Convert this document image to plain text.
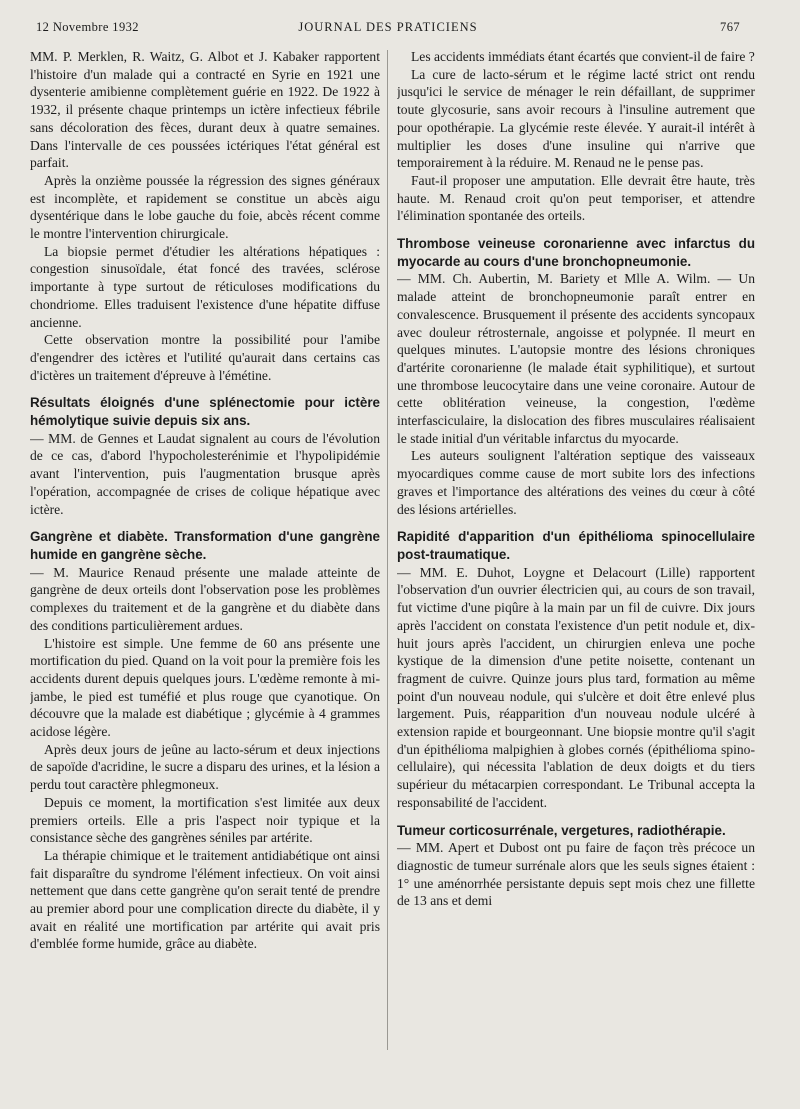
12 Novembre 1932	JOURNAL DES PRATICIENS	767

MM. P. Merklen, R. Waitz, G. Albot et J. Kabaker rapportent l'histoire d'un malade qui a contracté en Syrie en 1921 une dysenterie amibienne complètement guérie en 1922. De 1922 à 1932, il présente chaque printemps un ictère infectieux fébrile sans décoloration des fèces, durant deux à quatre semaines. Dans l'intervalle de ces poussées ictériques l'état général est parfait.

Après la onzième poussée la régression des signes généraux est incomplète, et rapidement se constitue un abcès aigu dysentérique dans le lobe gauche du foie, abcès récent comme le montre l'intervention chirurgicale.

La biopsie permet d'étudier les altérations hépatiques : congestion sinusoïdale, état foncé des travées, sclérose importante à type surtout de réticuloses modifications du chondriome. Elles traduisent l'existence d'une hépatite diffuse ancienne.

Cette observation montre la possibilité pour l'amibe d'engendrer des ictères et l'utilité qu'aurait dans certains cas d'ictères un traitement d'épreuve à l'émétine.

Résultats éloignés d'une splénectomie pour ictère hémolytique suivie depuis six ans.

— MM. de Gennes et Laudat signalent au cours de l'évolution de ce cas, d'abord l'hypocholesterénimie et l'hypolipidémie avant l'intervention, puis l'augmentation brusque après l'opération, accompagnée de crises de colique hépatique avec ictère.

Gangrène et diabète. Transformation d'une gangrène humide en gangrène sèche.

— M. Maurice Renaud présente une malade atteinte de gangrène de deux orteils dont l'observation pose les problèmes complexes du traitement et de la gangrène et du diabète dans des conditions particulièrement ardues.

L'histoire est simple. Une femme de 60 ans présente une mortification du pied. Quand on la voit pour la première fois les accidents durent depuis quelques jours. L'œdème remonte à mi-jambe, le pied est tuméfié et plus rouge que cyanotique. On découvre que la malade est diabétique ; glycémie à 4 grammes acidose légère.

Après deux jours de jeûne au lacto-sérum et deux injections de sapoïde d'acridine, le sucre a disparu des urines, et la lésion a perdu tout caractère phlegmoneux.

Depuis ce moment, la mortification s'est limitée aux deux premiers orteils. Elle a pris l'aspect noir typique et la consistance sèche des gangrènes séniles par artérite.

La thérapie chimique et le traitement antidiabétique ont ainsi fait disparaître du syndrome l'élément infectieux. On voit ainsi nettement que dans cette gangrène qu'on serait tenté de prendre au premier abord pour une complication directe du diabète, il y avait en réalité une mortification par artérite qui avait pris d'emblée forme humide, grâce au diabète.

Les accidents immédiats étant écartés que convient-il de faire ?

La cure de lacto-sérum et le régime lacté strict ont rendu jusqu'ici le service de ménager le rein défaillant, de supprimer toute glycosurie, sans avoir recours à l'insuline autrement que pour opothérapie. La glycémie reste élevée. Y aurait-il intérêt à multiplier les doses d'une insuline qui n'arrive que temporairement à la réduire. M. Renaud ne le pense pas.

Faut-il proposer une amputation. Elle devrait être haute, très haute. M. Renaud croit qu'on peut temporiser, et attendre l'élimination spontanée des orteils.

Thrombose veineuse coronarienne avec infarctus du myocarde au cours d'une bronchopneumonie.

— MM. Ch. Aubertin, M. Bariety et Mlle A. Wilm. — Un malade atteint de bronchopneumonie paraît entrer en convalescence. Brusquement il présente des accidents syncopaux avec douleur rétrosternale, angoisse et polypnée. Il meurt en quelques minutes. L'autopsie montre des lésions chroniques d'artérite coronarienne (le malade était syphilitique), et surtout une thrombose leucocytaire dans une veine coronaire. Autour de cette oblitération veineuse, la congestion, l'œdème interfasciculaire, la dislocation des fibres musculaires réalisaient le stade initial d'un véritable infarctus du myocarde.

Les auteurs soulignent l'altération septique des vaisseaux myocardiques comme cause de mort subite lors des infections graves et l'importance des altérations des veines du cœur à côté des lésions artérielles.

Rapidité d'apparition d'un épithélioma spinocellulaire post-traumatique.

— MM. E. Duhot, Loygne et Delacourt (Lille) rapportent l'observation d'un ouvrier électricien qui, au cours de son travail, fut victime d'une piqûre à la main par un fil de cuivre. Dix jours après l'accident on constata l'existence d'un petit nodule et, dix-huit jours après l'accident, un chirurgien enleva une poche kystique de la dimension d'une petite noisette, contenant un fragment de cuivre. Quinze jours plus tard, formation au même point d'un nouveau nodule, qui s'ulcère et doit être enlevé plus largement. Puis, réapparition d'un nouveau nodule ulcéré à extension rapide et bourgeonnant. Une biopsie montre qu'il s'agit d'un épithélioma malpighien à globes cornés (épithélioma spino-cellulaire), qui nécessita l'ablation de deux doigts et du tiers supérieur du métacarpien correspondant. Le Tribunal accepta la responsabilité de l'accident.

Tumeur corticosurrénale, vergetures, radiothérapie.

— MM. Apert et Dubost ont pu faire de façon très précoce un diagnostic de tumeur surrénale alors que les seuls signes étaient : 1° une aménorrhée persistante depuis sept mois chez une fillette de 13 ans et demi
